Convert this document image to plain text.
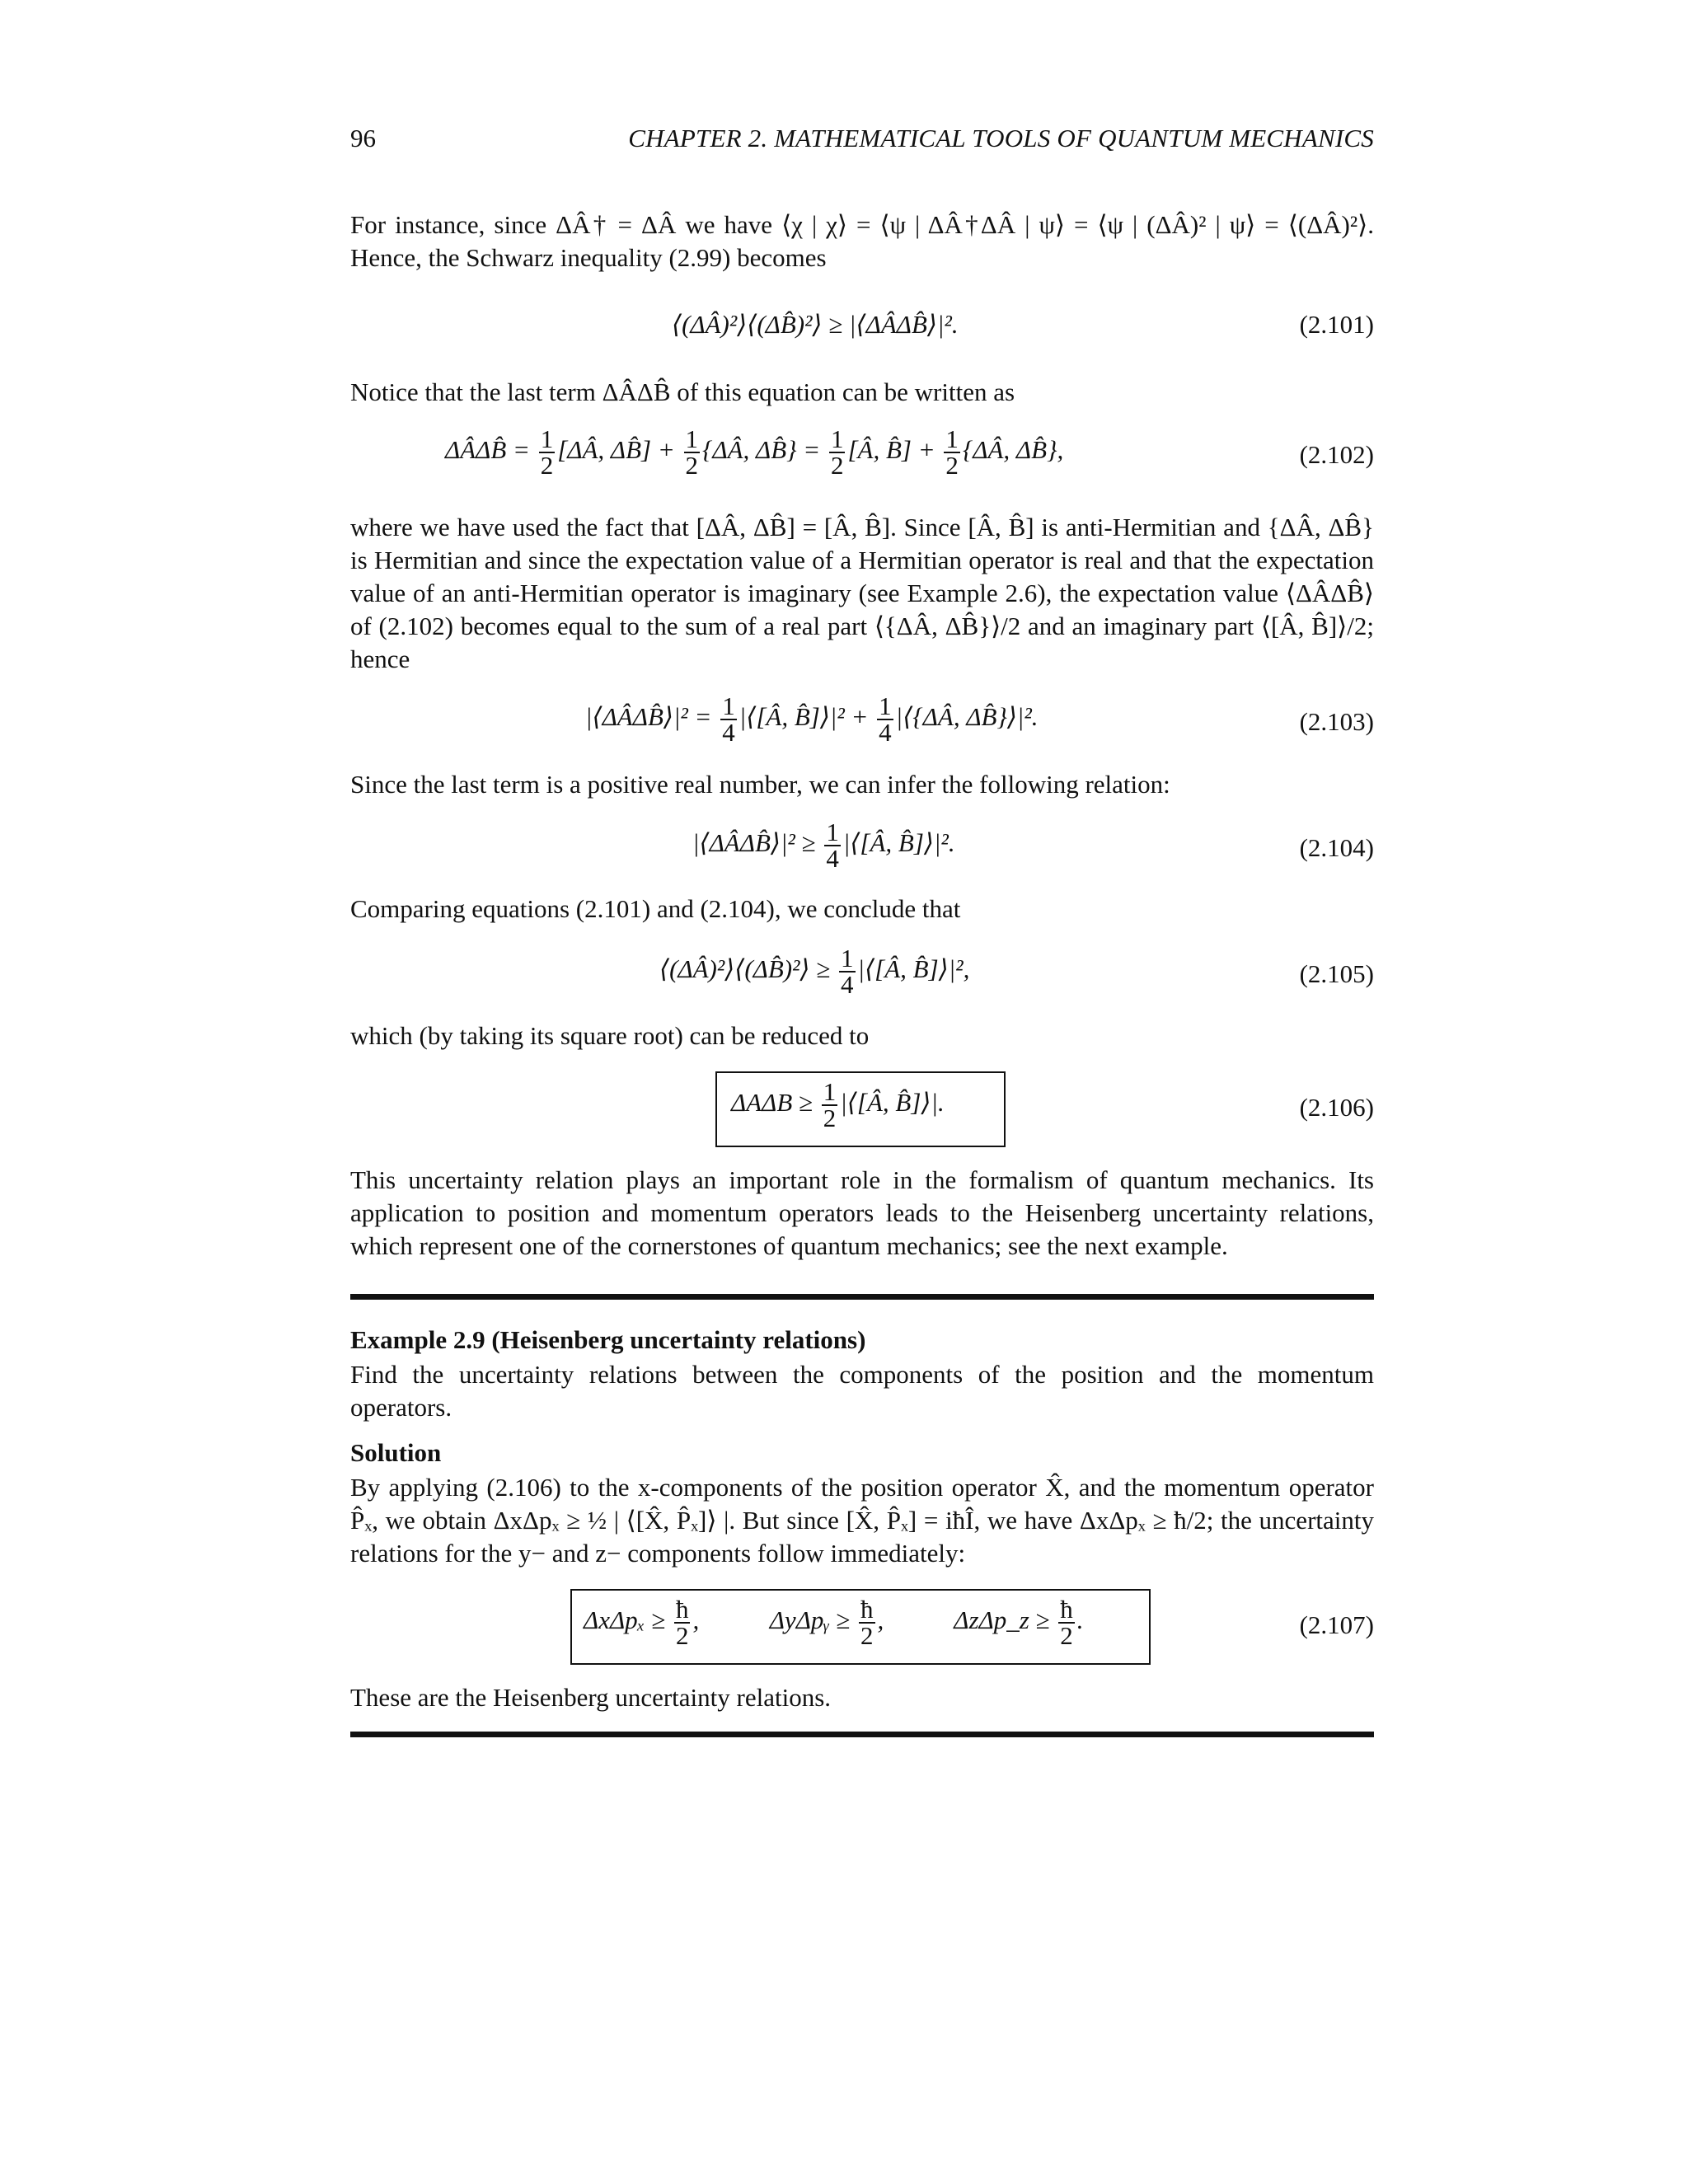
96	CHAPTER 2. MATHEMATICAL TOOLS OF QUANTUM MECHANICS
For instance, since ΔÂ† = ΔÂ we have ⟨χ | χ⟩ = ⟨ψ | ΔÂ†ΔÂ | ψ⟩ = ⟨ψ | (ΔÂ)² | ψ⟩ = ⟨(ΔÂ)²⟩. Hence, the Schwarz inequality (2.99) becomes
⟨(ΔÂ)²⟩⟨(ΔB̂)²⟩ ≥ |⟨ΔÂΔB̂⟩|².	(2.101)
Notice that the last term ΔÂΔB̂ of this equation can be written as
ΔÂΔB̂ = $\frac{1}{2}$ [ΔÂ, ΔB̂] + $\frac{1}{2}$ {ΔÂ, ΔB̂} = $\frac{1}{2}$ [Â, B̂] + $\frac{1}{2}$ {ΔÂ, ΔB̂},	(2.102)
where we have used the fact that [ΔÂ, ΔB̂] = [Â, B̂]. Since [Â, B̂] is anti-Hermitian and {ΔÂ, ΔB̂} is Hermitian and since the expectation value of a Hermitian operator is real and that the expectation value of an anti-Hermitian operator is imaginary (see Example 2.6), the expectation value ⟨ΔÂΔB̂⟩ of (2.102) becomes equal to the sum of a real part ⟨{ΔÂ, ΔB̂}⟩/2 and an imaginary part ⟨[Â, B̂]⟩/2; hence
|⟨ΔÂΔB̂⟩|² = $\frac{1}{4}$ |⟨[Â, B̂]⟩|² + $\frac{1}{4}$ |⟨{ΔÂ, ΔB̂}⟩|².	(2.103)
Since the last term is a positive real number, we can infer the following relation:
|⟨ΔÂΔB̂⟩|² ≥ $\frac{1}{4}$ |⟨[Â, B̂]⟩|².	(2.104)
Comparing equations (2.101) and (2.104), we conclude that
⟨(ΔÂ)²⟩⟨(ΔB̂)²⟩ ≥ $\frac{1}{4}$ |⟨[Â, B̂]⟩|²,	(2.105)
which (by taking its square root) can be reduced to
$\Delta A\Delta B \ge \frac{1}{2}$ |⟨[Â, B̂]⟩|.	(2.106)
This uncertainty relation plays an important role in the formalism of quantum mechanics. Its application to position and momentum operators leads to the Heisenberg uncertainty relations, which represent one of the cornerstones of quantum mechanics; see the next example.
Example 2.9 (Heisenberg uncertainty relations)
Find the uncertainty relations between the components of the position and the momentum operators.
Solution
By applying (2.106) to the x-components of the position operator X̂, and the momentum operator P̂ₓ, we obtain ΔxΔpₓ ≥ ½ | ⟨[X̂, P̂ₓ]⟩ |. But since [X̂, P̂ₓ] = iħÎ, we have ΔxΔpₓ ≥ ħ/2; the uncertainty relations for the y− and z− components follow immediately:
$\Delta x\Delta p_x \ge \frac{ħ}{2}$ ,	ΔyΔpᵧ ≥ $\frac{ħ}{2}$ ,	ΔzΔp_z ≥ $\frac{ħ}{2}$ .	(2.107)
These are the Heisenberg uncertainty relations.
